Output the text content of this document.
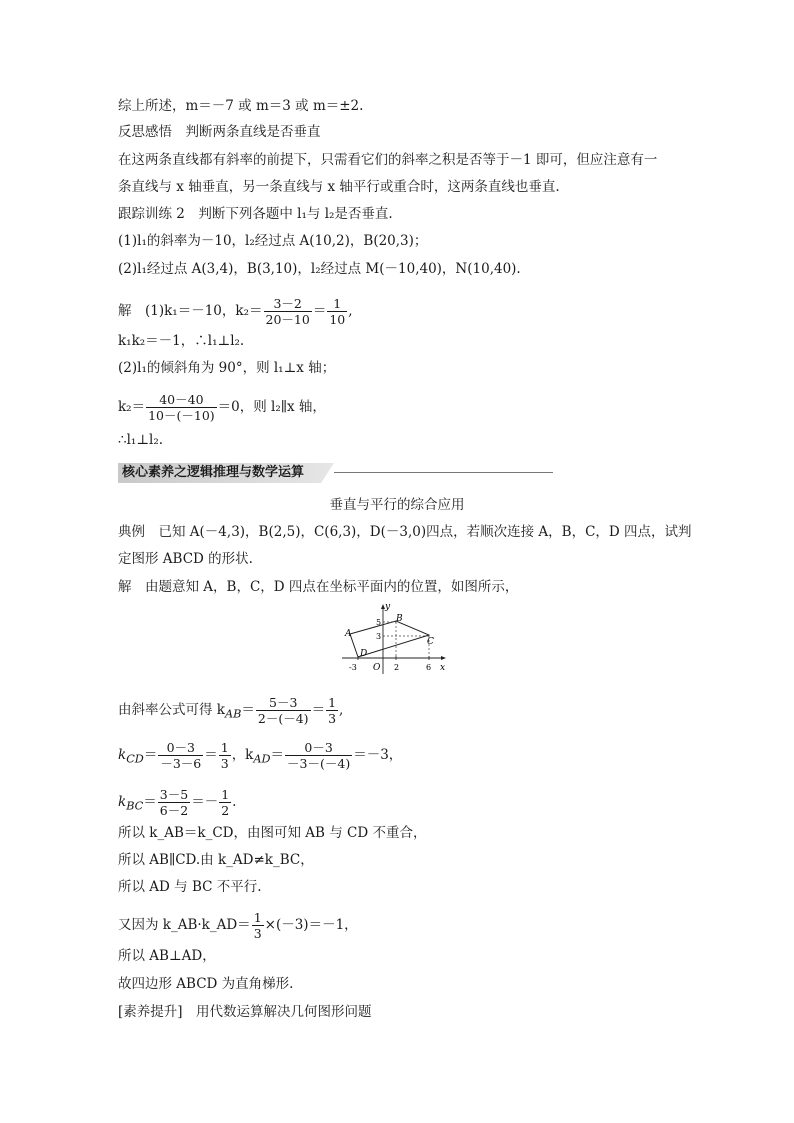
综上所述，m＝－7 或 m＝3 或 m＝±2.
反思感悟　判断两条直线是否垂直
在这两条直线都有斜率的前提下，只需看它们的斜率之积是否等于－1 即可，但应注意有一
条直线与 x 轴垂直，另一条直线与 x 轴平行或重合时，这两条直线也垂直.
跟踪训练 2　判断下列各题中 l₁与 l₂是否垂直.
(1)l₁的斜率为－10，l₂经过点 A(10,2)，B(20,3)；
(2)l₁经过点 A(3,4)，B(3,10)，l₂经过点 M(－10,40)，N(10,40).
解　(1)k₁＝－10，$k_2= \frac{3-2}{20-10} = \frac{1}{10}$ ,
k₁k₂＝－1，∴l₁⊥l₂.
(2)l₁的倾斜角为 90°，则 l₁⊥x 轴；
$k_2= \frac{40-40}{10-(-10)} =0$，则 l₂∥x 轴，
∴l₁⊥l₂.
核心素养之逻辑推理与数学运算
垂直与平行的综合应用
典例　已知 A(－4,3)，B(2,5)，C(6,3)，D(－3,0)四点，若顺次连接 A，B，C，D 四点，试判
定图形 ABCD 的形状.
解　由题意知 A，B，C，D 四点在坐标平面内的位置，如图所示，
A
B
C
D
O	x
y
-3	2	6
3
5
由斜率公式可得 $k_{AB}= \frac{5-3}{2-(-4)} = \frac{1}{3}$ ,
$k_{CD}= \frac{0-3}{-3-6} = \frac{1}{3}$ ，$k_{AD}= \frac{0-3}{-3-(-4)} =-3$，
$k_{BC}= \frac{3-5}{6-2} =- \frac{1}{2}$ .
所以 k_AB＝k_CD，由图可知 AB 与 CD 不重合，
所以 AB∥CD.由 k_AD≠k_BC，
所以 AD 与 BC 不平行.
又因为 k_AB·k_AD＝ $\frac{1}{3} \times(-3)=-1$，
所以 AB⊥AD，
故四边形 ABCD 为直角梯形.
[素养提升]　用代数运算解决几何图形问题
